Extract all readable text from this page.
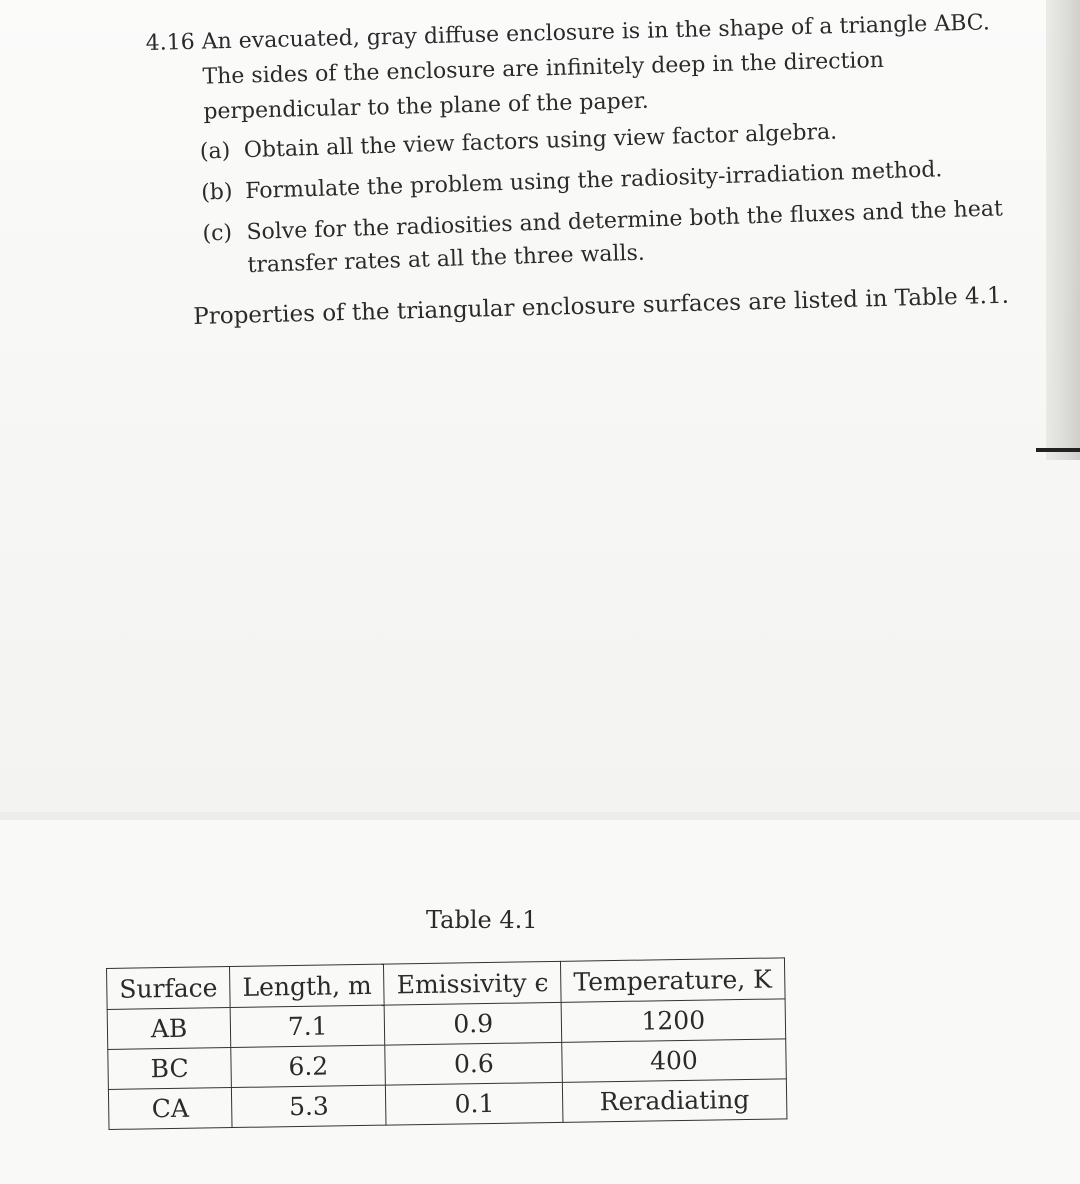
4.16 An evacuated, gray diffuse enclosure is in the shape of a triangle ABC. The sides of the enclosure are infinitely deep in the direction perpendicular to the plane of the paper.
(a) Obtain all the view factors using view factor algebra.
(b) Formulate the problem using the radiosity-irradiation method.
(c) Solve for the radiosities and determine both the fluxes and the heat transfer rates at all the three walls.
Properties of the triangular enclosure surfaces are listed in Table 4.1.
Table 4.1
Surface	Length, m	Emissivity ϵ	Temperature, K
AB	7.1	0.9	1200
BC	6.2	0.6	400
CA	5.3	0.1	Reradiating
